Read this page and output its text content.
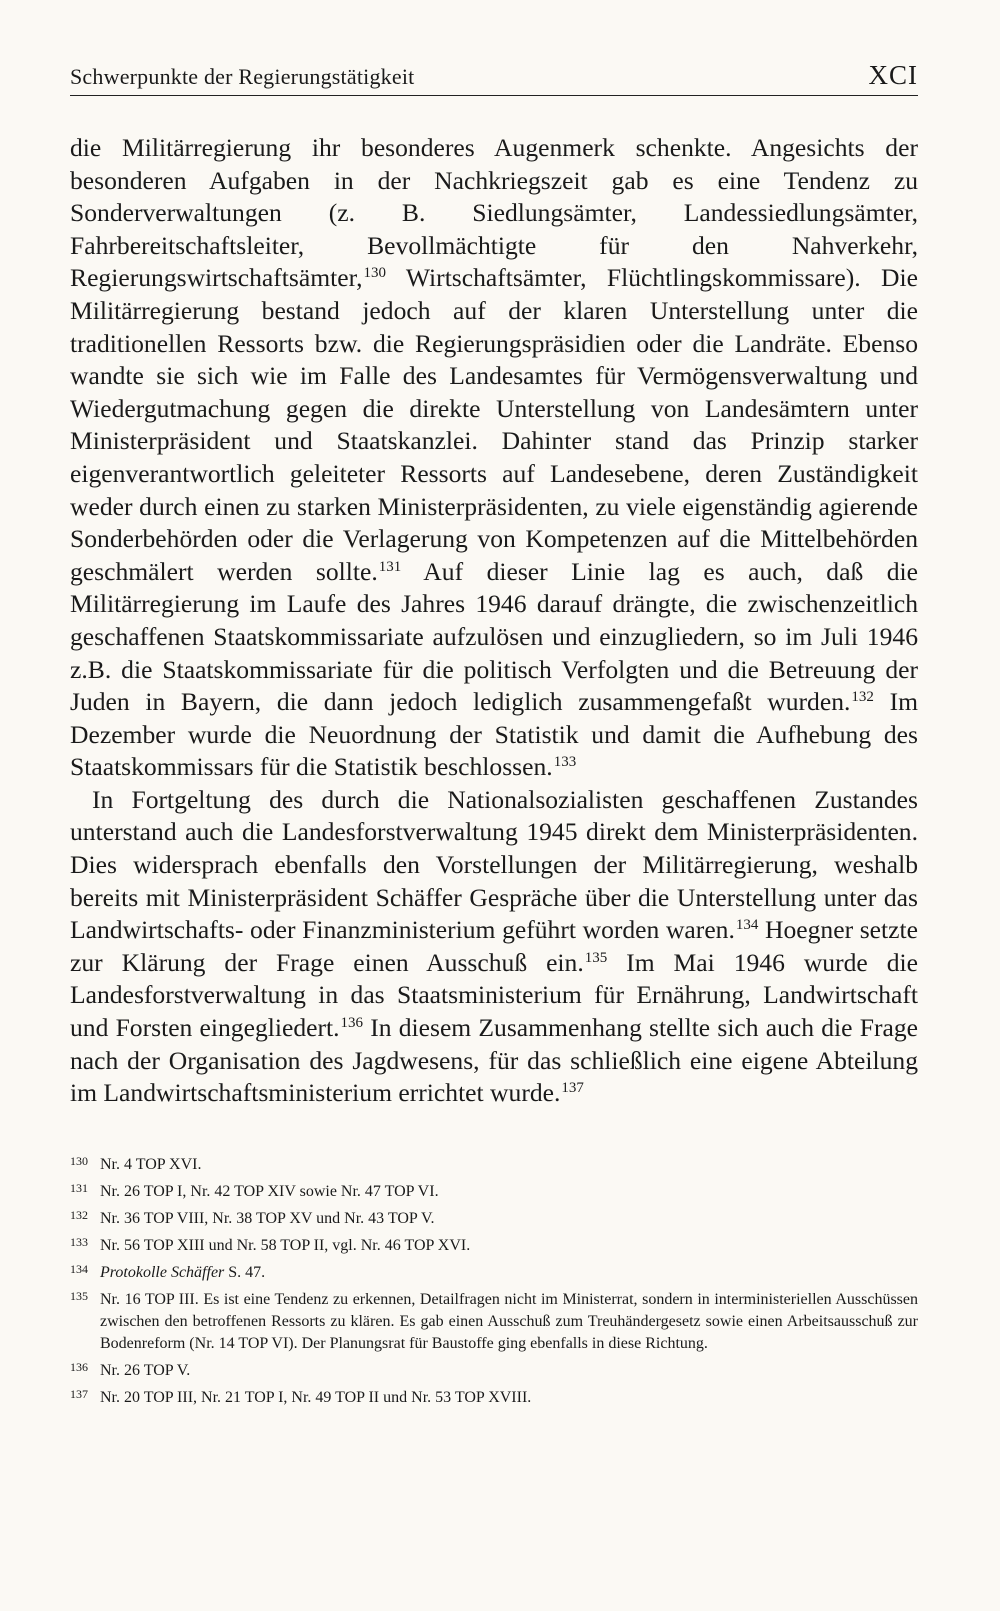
Schwerpunkte der Regierungstätigkeit	XCI

die Militärregierung ihr besonderes Augenmerk schenkte. Angesichts der besonderen Aufgaben in der Nachkriegszeit gab es eine Tendenz zu Sonderverwaltungen (z. B. Siedlungsämter, Landessiedlungsämter, Fahrbereitschaftsleiter, Bevollmächtigte für den Nahverkehr, Regierungswirtschaftsämter,$^{130}$ Wirtschaftsämter, Flüchtlingskommissare). Die Militärregierung bestand jedoch auf der klaren Unterstellung unter die traditionellen Ressorts bzw. die Regierungspräsidien oder die Landräte. Ebenso wandte sie sich wie im Falle des Landesamtes für Vermögensverwaltung und Wiedergutmachung gegen die direkte Unterstellung von Landesämtern unter Ministerpräsident und Staatskanzlei. Dahinter stand das Prinzip starker eigenverantwortlich geleiteter Ressorts auf Landesebene, deren Zuständigkeit weder durch einen zu starken Ministerpräsidenten, zu viele eigenständig agierende Sonderbehörden oder die Verlagerung von Kompetenzen auf die Mittelbehörden geschmälert werden sollte.$^{131}$ Auf dieser Linie lag es auch, daß die Militärregierung im Laufe des Jahres 1946 darauf drängte, die zwischenzeitlich geschaffenen Staatskommissariate aufzulösen und einzugliedern, so im Juli 1946 z.B. die Staatskommissariate für die politisch Verfolgten und die Betreuung der Juden in Bayern, die dann jedoch lediglich zusammengefaßt wurden.$^{132}$ Im Dezember wurde die Neuordnung der Statistik und damit die Aufhebung des Staatskommissars für die Statistik beschlossen.$^{133}$

In Fortgeltung des durch die Nationalsozialisten geschaffenen Zustandes unterstand auch die Landesforstverwaltung 1945 direkt dem Ministerpräsidenten. Dies widersprach ebenfalls den Vorstellungen der Militärregierung, weshalb bereits mit Ministerpräsident Schäffer Gespräche über die Unterstellung unter das Landwirtschafts- oder Finanzministerium geführt worden waren.$^{134}$ Hoegner setzte zur Klärung der Frage einen Ausschuß ein.$^{135}$ Im Mai 1946 wurde die Landesforstverwaltung in das Staatsministerium für Ernährung, Landwirtschaft und Forsten eingegliedert.$^{136}$ In diesem Zusammenhang stellte sich auch die Frage nach der Organisation des Jagdwesens, für das schließlich eine eigene Abteilung im Landwirtschaftsministerium errichtet wurde.$^{137}$

130 Nr. 4 TOP XVI.
131 Nr. 26 TOP I, Nr. 42 TOP XIV sowie Nr. 47 TOP VI.
132 Nr. 36 TOP VIII, Nr. 38 TOP XV und Nr. 43 TOP V.
133 Nr. 56 TOP XIII und Nr. 58 TOP II, vgl. Nr. 46 TOP XVI.
134 Protokolle Schäffer S. 47.
135 Nr. 16 TOP III. Es ist eine Tendenz zu erkennen, Detailfragen nicht im Ministerrat, sondern in interministeriellen Ausschüssen zwischen den betroffenen Ressorts zu klären. Es gab einen Ausschuß zum Treuhändergesetz sowie einen Arbeitsausschuß zur Bodenreform (Nr. 14 TOP VI). Der Planungsrat für Baustoffe ging ebenfalls in diese Richtung.
136 Nr. 26 TOP V.
137 Nr. 20 TOP III, Nr. 21 TOP I, Nr. 49 TOP II und Nr. 53 TOP XVIII.
